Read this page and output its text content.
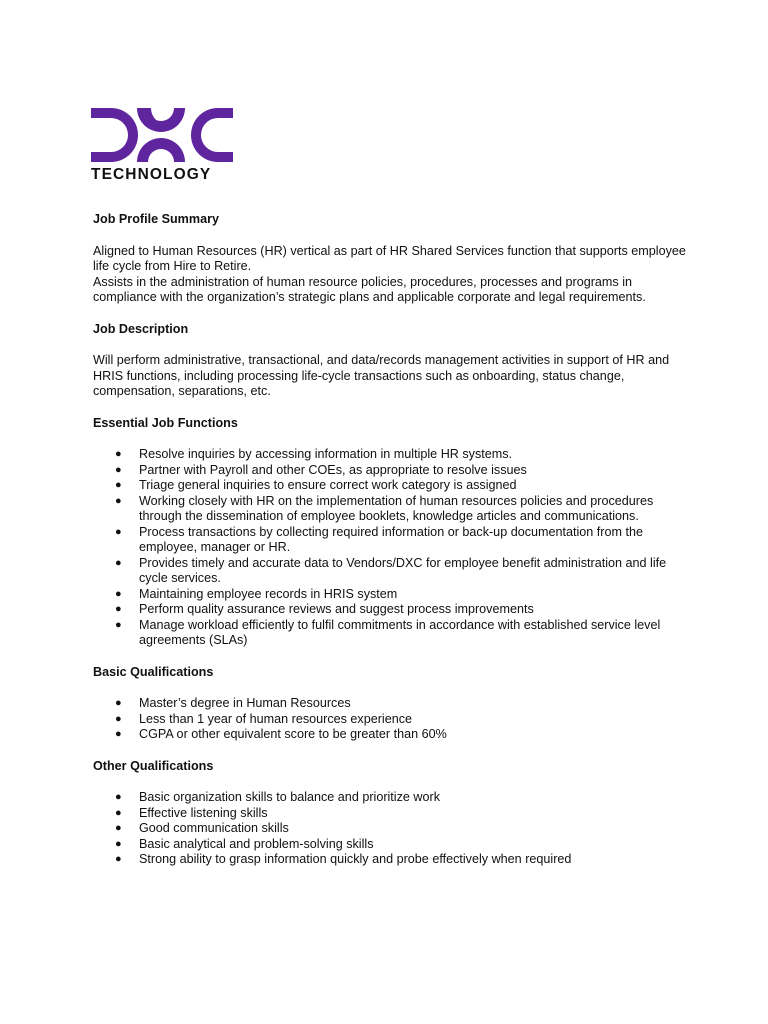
TECHNOLOGY

Job Profile Summary

Aligned to Human Resources (HR) vertical as part of HR Shared Services function that supports employee life cycle from Hire to Retire.

Assists in the administration of human resource policies, procedures, processes and programs in compliance with the organization’s strategic plans and applicable corporate and legal requirements.

Job Description

Will perform administrative, transactional, and data/records management activities in support of HR and HRIS functions, including processing life-cycle transactions such as onboarding, status change, compensation, separations, etc.

Essential Job Functions

● Resolve inquiries by accessing information in multiple HR systems.
● Partner with Payroll and other COEs, as appropriate to resolve issues
● Triage general inquiries to ensure correct work category is assigned
● Working closely with HR on the implementation of human resources policies and procedures through the dissemination of employee booklets, knowledge articles and communications.
● Process transactions by collecting required information or back-up documentation from the employee, manager or HR.
● Provides timely and accurate data to Vendors/DXC for employee benefit administration and life cycle services.
● Maintaining employee records in HRIS system
● Perform quality assurance reviews and suggest process improvements
● Manage workload efficiently to fulfil commitments in accordance with established service level agreements (SLAs)

Basic Qualifications

● Master’s degree in Human Resources
● Less than 1 year of human resources experience
● CGPA or other equivalent score to be greater than 60%

Other Qualifications

● Basic organization skills to balance and prioritize work
● Effective listening skills
● Good communication skills
● Basic analytical and problem-solving skills
● Strong ability to grasp information quickly and probe effectively when required
